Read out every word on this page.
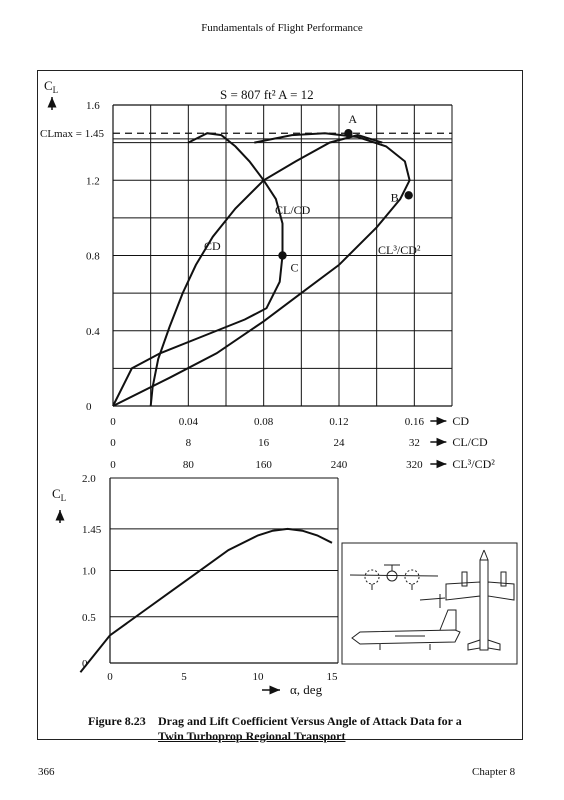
Fundamentals of Flight Performance
$C_L$	S = 807 ft² A = 12
1.6
1.2
0.8
0.4
0
CLmax = 1.45
CL/CD
CD	CL³/CD²
A
B
C
0	0.04	0.08	0.12	0.16 CD
0	8	16	24	32	CL/CD
0	80	160	240	320 CL³/CD²
$C_L$
2.0
1.45
1.0
0.5
0
0	5	10	15
α, deg
Figure 8.23 Drag and Lift Coefficient Versus Angle of Attack Data for a
Twin Turboprop Regional Transport
366	Chapter 8
